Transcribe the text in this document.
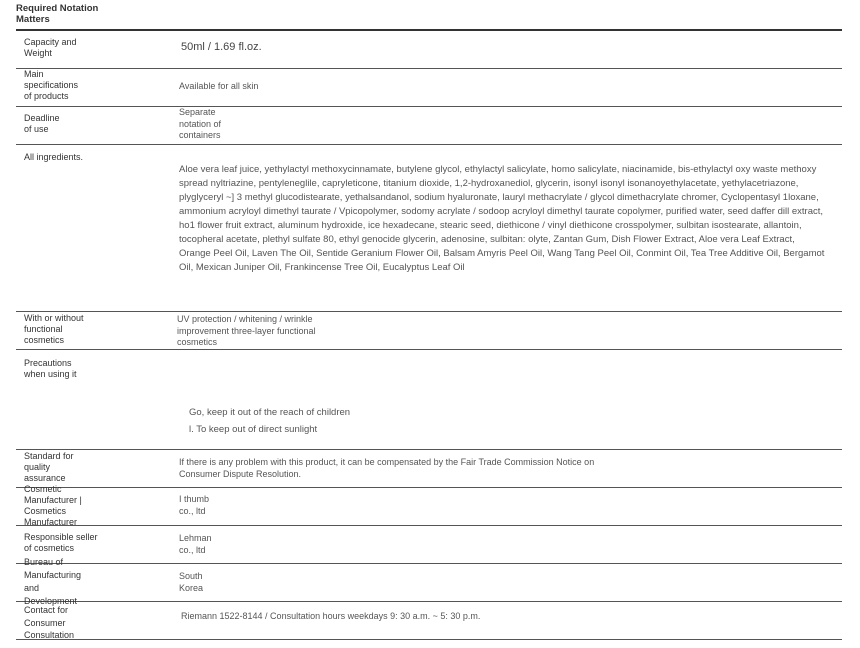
Required Notation Matters
Capacity and Weight	50ml / 1.69 fl.oz.
Main specifications of products
Available for all skin
Deadline of use
Separate notation of containers
All ingredients.
Aloe vera leaf juice, yethylactyl methoxycinnamate, butylene glycol, ethylactyl salicylate, homo salicylate, niacinamide, bis-ethylactyl oxy waste methoxy spread nyltriazine, pentyleneglile, capryleticone, titanium dioxide, 1,2-hydroxanediol, glycerin, isonyl isonyl isonanoyethylacetate, yethylacetriazone, plyglyceryl ~] 3 methyl glucodistearate, yethalsandanol, sodium hyaluronate, lauryl methacrylate / glycol dimethacrylate chromer, Cyclopentasyl 1loxane, ammonium acryloyl dimethyl taurate / Vpicopolymer, sodomy acrylate / sodoop acryloyl dimethyl taurate copolymer, purified water, seed daffer dill extract, ho1 flower fruit extract, aluminum hydroxide, ice hexadecane, stearic seed, diethicone / vinyl diethicone crosspolymer, sulbitan isostearate, allantoin, tocopheral acetate, plethyl sulfate 80, ethyl genocide glycerin, adenosine, sulbitan: olyte, Zantan Gum, Dish Flower Extract, Aloe vera Leaf Extract, Orange Peel Oil, Laven The Oil, Sentide Geranium Flower Oil, Balsam Amyris Peel Oil, Wang Tang Peel Oil, Conmint Oil, Tea Tree Additive Oil, Bergamot Oil, Mexican Juniper Oil, Frankincense Tree Oil, Eucalyptus Leaf Oil
With or without functional cosmetics
UV protection / whitening / wrinkle improvement three-layer functional cosmetics
Precautions when using it
Go, keep it out of the reach of children
l. To keep out of direct sunlight
Standard for quality assurance
If there is any problem with this product, it can be compensated by the Fair Trade Commission Notice on Consumer Dispute Resolution.
Cosmetic Manufacturer | Cosmetics Manufacturer
I thumb co., ltd
Responsible seller of cosmetics
Lehman co., ltd
Bureau of Manufacturing and Development
South Korea
Contact for Consumer Consultation
Riemann 1522-8144 / Consultation hours weekdays 9: 30 a.m. ~ 5: 30 p.m.
